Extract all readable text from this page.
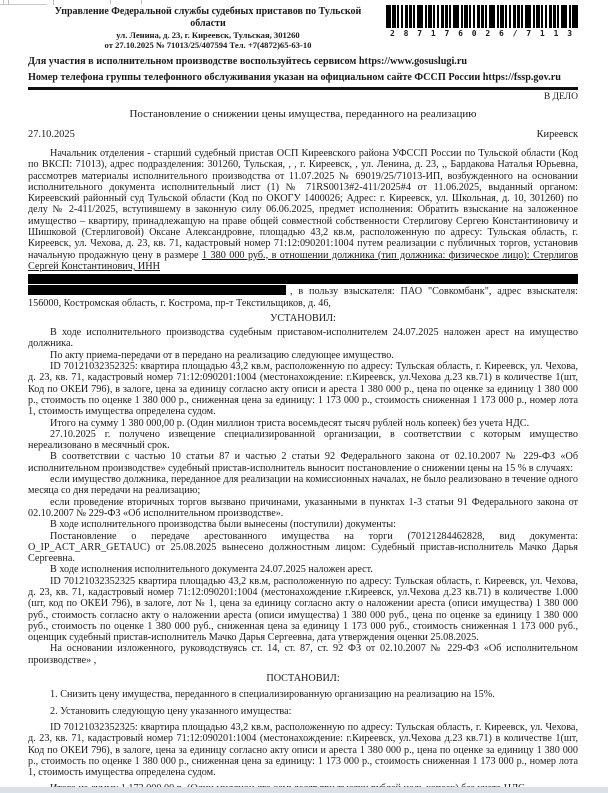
Управление Федеральной службы судебных приставов по Тульской области
ул. Ленина, д. 23, г. Киреевск, Тульская, 301260
от 27.10.2025 № 71013/25/407594 Тел. +7(4872)65-63-10
2 8 7 1 7 6 0 2 6 / 7 1 1 3
Для участия в исполнительном производстве воспользуйтесь сервисом https://www.gosuslugi.ru
Номер телефона группы телефонного обслуживания указан на официальном сайте ФССП России https://fssp.gov.ru
В ДЕЛО
Постановление о снижении цены имущества, переданного на реализацию
27.10.2025	Киреевск

Начальник отделения - старший судебный пристав ОСП Киреевского района УФССП России по Тульской области (Код по ВКСП: 71013), адрес подразделения: 301260, Тульская, , , г. Киреевск, , ул. Ленина, д. 23, ,, Бардакова Наталья Юрьевна, рассмотрев материалы исполнительного производства от 11.07.2025 № 69019/25/71013-ИП, возбужденного на основании исполнительного документа исполнительный лист (1) № 71RS0013#2-411/2025#4 от 11.06.2025, выданный органом: Киреевский районный суд Тульской области (Код по ОКОГУ 1400026; Адрес: г. Киреевск, ул. Школьная, д. 10, 301260) по делу № 2-411/2025, вступившему в законную силу 06.06.2025, предмет исполнения: Обратить взыскание на заложенное имущество – квартиру, принадлежащую на праве общей совместной собственности Стерлигову Сергею Константиновичу и Шишковой (Стерлиговой) Оксане Александровне, площадью 43,2 кв.м, расположенную по адресу: Тульская область, г. Киреевск, ул. Чехова, д. 23, кв. 71, кадастровый номер 71:12:090201:1004 путем реализации с публичных торгов, установив начальную продажную цену в размере 1 380 000 руб., в отношении должника (тип должника: физическое лицо): Стерлигов Сергей Константинович, ИНН

, в пользу взыскателя: ПАО "Совкомбанк", адрес взыскателя: 156000, Костромская область, г. Кострома, пр-т Текстильщиков, д. 46,

УСТАНОВИЛ:

В ходе исполнительного производства судебным приставом-исполнителем 24.07.2025 наложен арест на имущество должника.

По акту приема-передачи от в передано на реализацию следующее имущество.

ID 70121032352325: квартира площадью 43,2 кв.м, расположенную по адресу: Тульская область, г. Киреевск, ул. Чехова, д. 23, кв. 71, кадастровый номер 71:12:090201:1004 (местонахождение: г.Киреевск, ул.Чехова д.23 кв.71) в количестве 1(шт, Код по ОКЕИ 796), в залоге, цена за единицу согласно акту описи и ареста 1 380 000 р., цена по оценке за единицу 1 380 000 р., стоимость по оценке 1 380 000 р., сниженная цена за единицу: 1 173 000 р., стоимость сниженная 1 173 000 р., номер лота 1, стоимость имущества определена судом.

Итого на сумму 1 380 000,00 р. (Один миллион триста восемьдесят тысяч рублей ноль копеек) без учета НДС.

27.10.2025 г. получено извещение специализированной организации, в соответствии с которым имущество нереализовано в месячный срок.

В соответствии с частью 10 статьи 87 и частью 2 статьи 92 Федерального закона от 02.10.2007 № 229-ФЗ «Об исполнительном производстве» судебный пристав-исполнитель выносит постановление о снижении цены на 15 % в случаях:

если имущество должника, переданное для реализации на комиссионных началах, не было реализовано в течение одного месяца со дня передачи на реализацию;

если проведение вторичных торгов вызвано причинами, указанными в пунктах 1-3 статьи 91 Федерального закона от 02.10.2007 № 229-ФЗ «Об исполнительном производстве».

В ходе исполнительного производства были вынесены (поступили) документы:

Постановление о передаче арестованного имущества на торги (70121284462828, вид документа: O_IP_ACT_ARR_GETAUC) от 25.08.2025 вынесено должностным лицом: Судебный пристав-исполнитель Мачко Дарья Сергеевна.

В ходе исполнения исполнительного документа 24.07.2025 наложен арест.

ID 70121032352325 квартира площадью 43,2 кв.м, расположенную по адресу: Тульская область, г. Киреевск, ул. Чехова, д. 23, кв. 71, кадастровый номер 71:12:090201:1004 (местонахождение г.Киреевск, ул.Чехова д.23 кв.71) в количестве 1.000 (шт, код по ОКЕИ 796), в залоге, лот № 1, цена за единицу согласно акту о наложении ареста (описи имущества) 1 380 000 руб., стоимость согласно акту о наложении ареста (описи имущества) 1 380 000 руб., цена по оценке за единицу 1 380 000 руб., стоимость по оценке 1 380 000 руб., сниженная цена за единицу 1 173 000 руб., стоимость сниженная 1 173 000 руб., оценщик судебный пристав-исполнитель Мачко Дарья Сергеевна, дата утверждения оценки 25.08.2025.

На основании изложенного, руководствуясь ст. 14, ст. 87, ст. 92 ФЗ от 02.10.2007 № 229-ФЗ «Об исполнительном производстве» ,

ПОСТАНОВИЛ:

1. Снизить цену имущества, переданного в специализированную организацию на реализацию на 15%.

2. Установить следующую цену указанного имущества:

ID 70121032352325: квартира площадью 43,2 кв.м, расположенную по адресу: Тульская область, г. Киреевск, ул. Чехова, д. 23, кв. 71, кадастровый номер 71:12:090201:1004 (местонахождение: г.Киреевск, ул.Чехова д.23 кв.71) в количестве 1(шт, Код по ОКЕИ 796), в залоге, цена за единицу согласно акту описи и ареста 1 380 000 р., цена по оценке за единицу 1 380 000 р., стоимость по оценке 1 380 000 р., сниженная цена за единицу: 1 173 000 р., стоимость сниженная 1 173 000 р., номер лота 1, стоимость имущества определена судом.
